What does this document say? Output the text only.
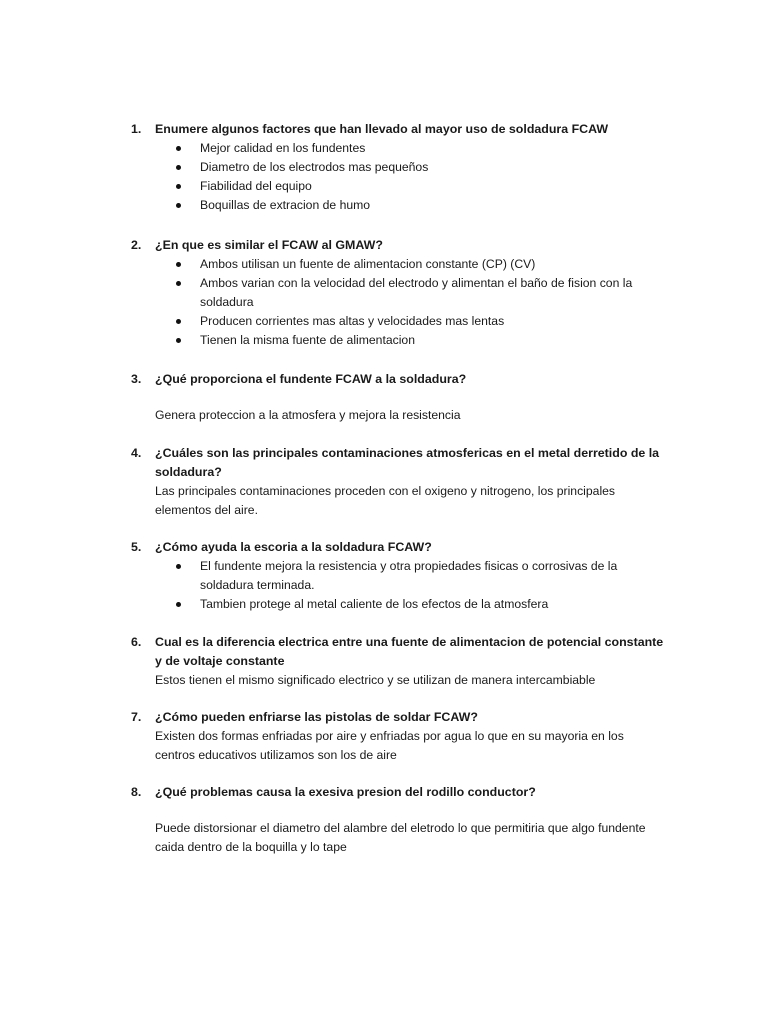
1. Enumere algunos factores que han llevado al mayor uso de soldadura FCAW
Mejor calidad en los fundentes
Diametro de los electrodos mas pequeños
Fiabilidad del equipo
Boquillas de extracion de humo
2. ¿En que es similar el FCAW al GMAW?
Ambos utilisan un fuente de alimentacion constante (CP) (CV)
Ambos varian con la velocidad del electrodo y alimentan el baño de fision con la soldadura
Producen corrientes mas altas y velocidades mas lentas
Tienen la misma fuente de alimentacion
3. ¿Qué proporciona el fundente FCAW a la soldadura?
Genera proteccion a la atmosfera y mejora la resistencia
4. ¿Cuáles son las principales contaminaciones atmosfericas en el metal derretido de la soldadura?
Las principales contaminaciones proceden con el oxigeno y nitrogeno, los principales elementos del aire.
5. ¿Cómo ayuda la escoria a la soldadura FCAW?
El fundente mejora la resistencia y otra propiedades fisicas o corrosivas de la soldadura terminada.
Tambien protege al metal caliente de los efectos de la atmosfera
6. Cual es la diferencia electrica entre una fuente de alimentacion de potencial constante y de voltaje constante
Estos tienen el mismo significado electrico y se utilizan de manera intercambiable
7. ¿Cómo pueden enfriarse las pistolas de soldar FCAW?
Existen dos formas enfriadas por aire y enfriadas por agua lo que en su mayoria en los centros educativos utilizamos son los de aire
8. ¿Qué problemas causa la exesiva presion del rodillo conductor?
Puede distorsionar el diametro del alambre del eletrodo lo que permitiria que algo fundente caida dentro de la boquilla y lo tape
